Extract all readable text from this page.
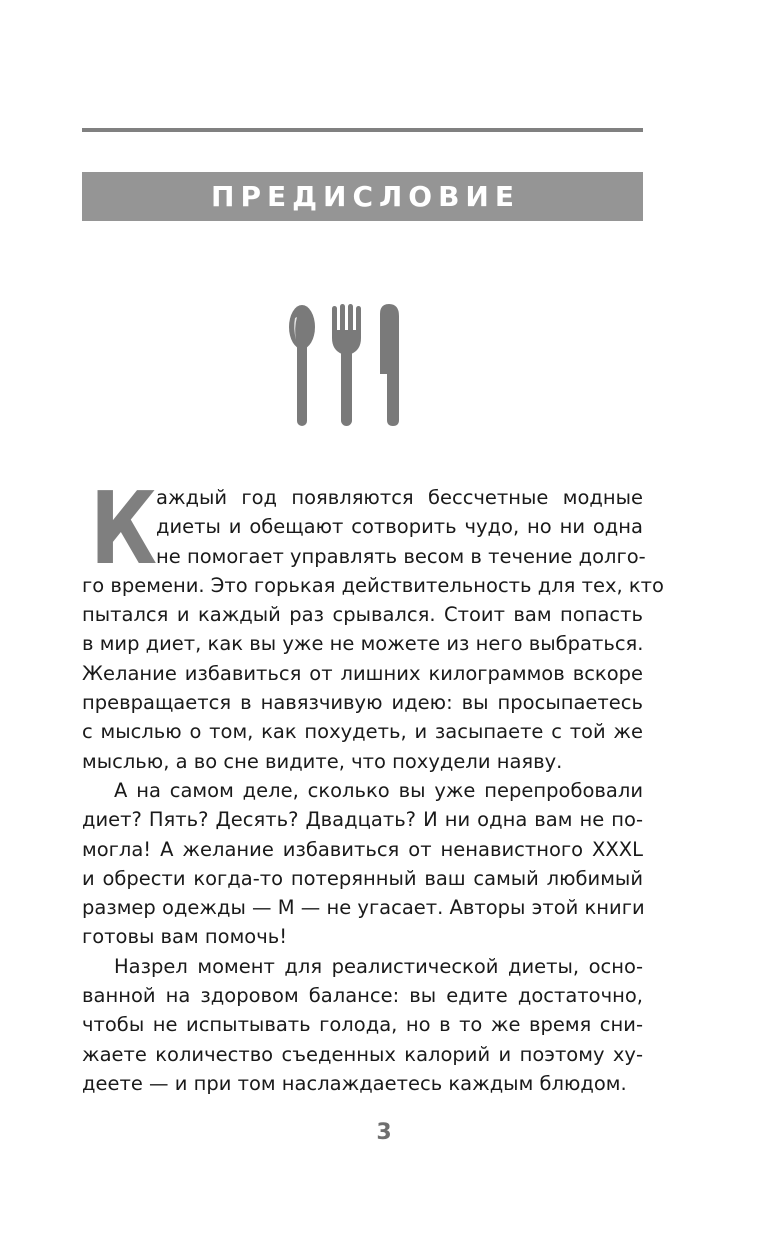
ПРЕДИСЛОВИЕ
К
аждый год появляются бессчетные модные
диеты и обещают сотворить чудо, но ни одна
не помогает управлять весом в течение долго-
го времени. Это горькая действительность для тех, кто
пытался и каждый раз срывался. Стоит вам попасть
в мир диет, как вы уже не можете из него выбраться.
Желание избавиться от лишних килограммов вскоре
превращается в навязчивую идею: вы просыпаетесь
с мыслью о том, как похудеть, и засыпаете с той же
мыслью, а во сне видите, что похудели наяву.
А на самом деле, сколько вы уже перепробовали
диет? Пять? Десять? Двадцать? И ни одна вам не по-
могла! А желание избавиться от ненавистного XXXL
и обрести когда-то потерянный ваш самый любимый
размер одежды — M — не угасает. Авторы этой книги
готовы вам помочь!
Назрел момент для реалистической диеты, осно-
ванной на здоровом балансе: вы едите достаточно,
чтобы не испытывать голода, но в то же время сни-
жаете количество съеденных калорий и поэтому ху-
деете — и при том наслаждаетесь каждым блюдом.
3
